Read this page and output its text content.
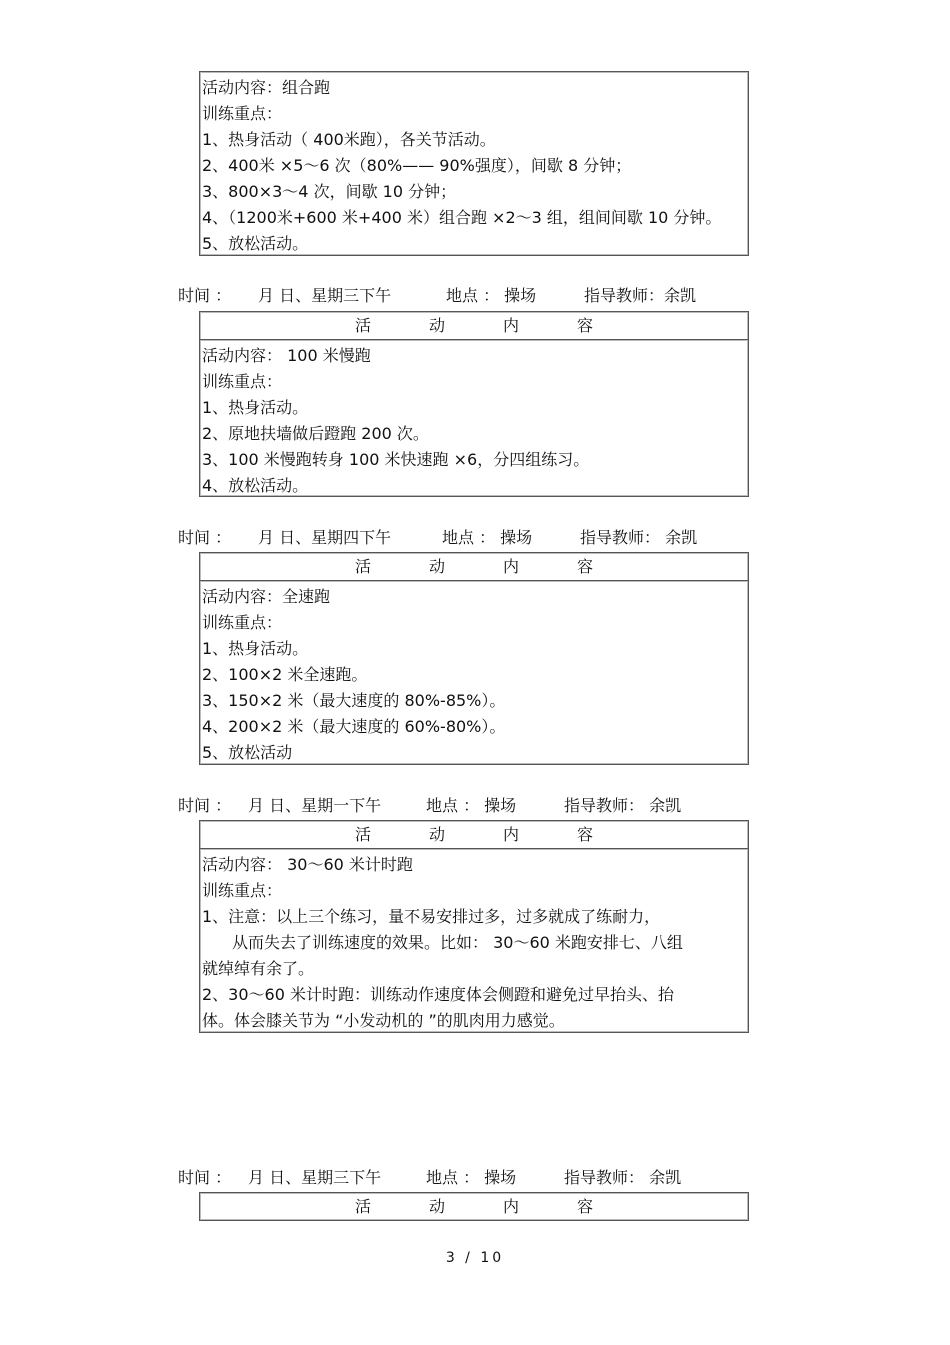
活动内容：组合跑
训练重点：
1、热身活动（ 400米跑），各关节活动。
2、400米 ×5～6 次（80%—— 90%强度），间歇 8 分钟；
3、800×3～4 次，间歇 10 分钟；
4、（1200米+600 米+400 米）组合跑 ×2～3 组，组间间歇 10 分钟。
5、放松活动。
时间 ：	月 日、星期三下午	地点 ： 操场	指导教师：余凯
活	动	内	容
活动内容： 100 米慢跑
训练重点：
1、热身活动。
2、原地扶墙做后蹬跑 200 次。
3、100 米慢跑转身 100 米快速跑 ×6，分四组练习。
4、放松活动。
时间 ：	月 日、星期四下午	地点 ： 操场	指导教师： 余凯
活	动	内	容
活动内容：全速跑
训练重点：
1、热身活动。
2、100×2 米全速跑。
3、150×2 米（最大速度的 80%-85%）。
4、200×2 米（最大速度的 60%-80%）。
5、放松活动
时间 ：	月 日、星期一下午	地点 ： 操场	指导教师： 余凯
活	动	内	容
活动内容： 30～60 米计时跑
训练重点：
1、注意：以上三个练习，量不易安排过多，过多就成了练耐力，
从而失去了训练速度的效果。比如： 30～60 米跑安排七、八组
就绰绰有余了。
2、30～60 米计时跑：训练动作速度体会侧蹬和避免过早抬头、抬
体。体会膝关节为 “小发动机的 ”的肌肉用力感觉。
时间 ：	月 日、星期三下午	地点 ： 操场	指导教师： 余凯
活	动	内	容
3 / 10
